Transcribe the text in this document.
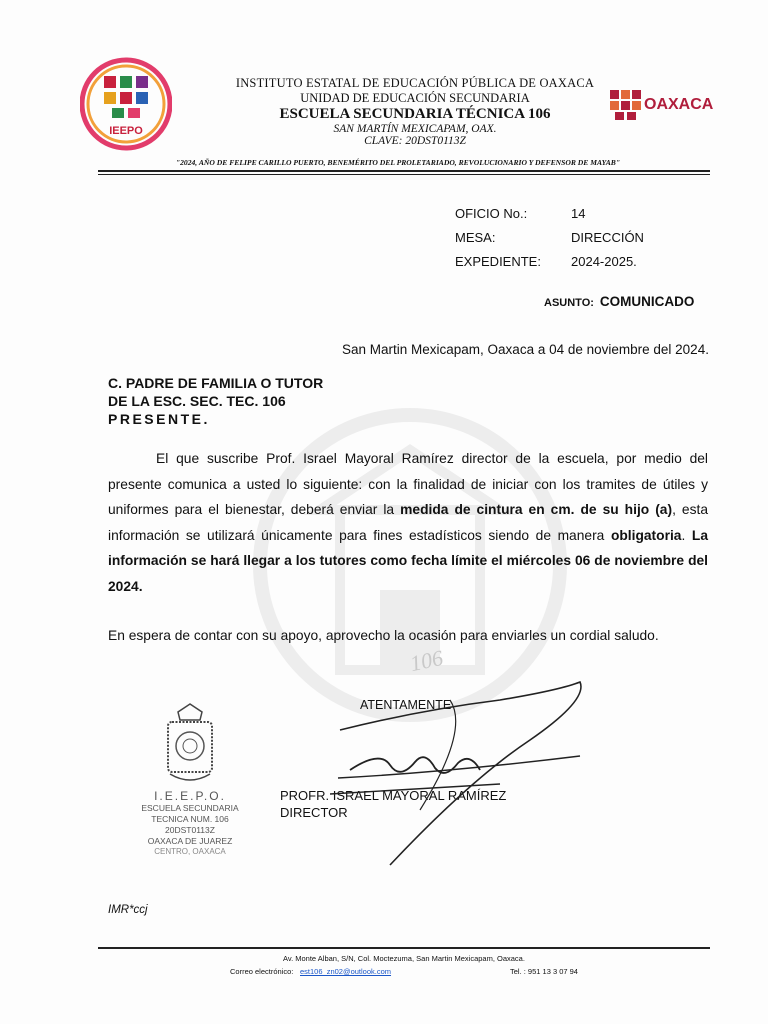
IEEPO
INSTITUTO ESTATAL DE EDUCACIÓN PÚBLICA DE OAXACA
UNIDAD DE EDUCACIÓN SECUNDARIA
ESCUELA SECUNDARIA TÉCNICA 106
SAN MARTÍN MEXICAPAM, OAX.
CLAVE: 20DST0113Z
OAXACA
"2024, AÑO DE FELIPE CARILLO PUERTO, BENEMÉRITO DEL PROLETARIADO, REVOLUCIONARIO Y DEFENSOR DE MAYAB"
OFICIO No.:	14
MESA:	DIRECCIÓN
EXPEDIENTE: 2024-2025.
ASUNTO: COMUNICADO
San Martin Mexicapam, Oaxaca a 04 de noviembre del 2024.
C. PADRE DE FAMILIA O TUTOR
DE LA ESC. SEC. TEC. 106
PRESENTE.
El que suscribe Prof. Israel Mayoral Ramírez director de la escuela, por medio del presente comunica a usted lo siguiente: con la finalidad de iniciar con los tramites de útiles y uniformes para el bienestar, deberá enviar la medida de cintura en cm. de su hijo (a), esta información se utilizará únicamente para fines estadísticos siendo de manera obligatoria. La información se hará llegar a los tutores como fecha límite el miércoles 06 de noviembre del 2024.
En espera de contar con su apoyo, aprovecho la ocasión para enviarles un cordial saludo.
106
I.E.E.P.O.
ESCUELA SECUNDARIA
TECNICA NUM. 106
20DST0113Z
OAXACA DE JUAREZ
CENTRO, OAXACA
ATENTAMENTE
PROFR. ISRAEL MAYORAL RAMÍREZ
DIRECTOR
IMR*ccj
Av. Monte Alban, S/N, Col. Moctezuma, San Martin Mexicapam, Oaxaca.
Correo electrónico: est106_zn02@outlook.com	Tel. : 951 13 3 07 94
